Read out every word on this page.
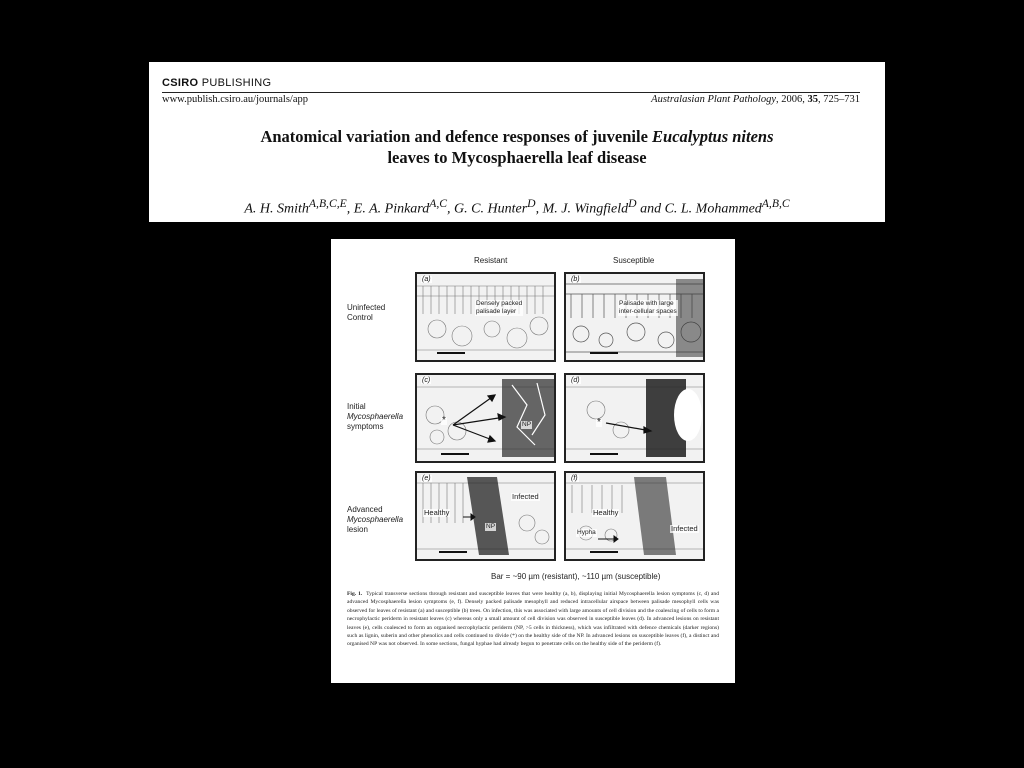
CSIRO PUBLISHING
www.publish.csiro.au/journals/app	Australasian Plant Pathology, 2006, 35, 725–731
Anatomical variation and defence responses of juvenile Eucalyptus nitens
leaves to Mycosphaerella leaf disease
A. H. Smith$^{A,B,C,E}$, E. A. Pinkard$^{A,C}$, G. C. Hunter$^D$, M. J. Wingfield$^D$ and C. L. Mohammed$^{A,B,C}$
Resistant	Susceptible
Uninfected
Control
Initial
Mycosphaerella
symptoms
Advanced
Mycosphaerella
lesion
(a)
Densely packed
palisade layer
(b)
Palisade with large
inter-cellular spaces
(c)
*	NP
(d)
*
(e)
Healthy
Infected
NP
(f)
Healthy
Hypha	Infected
Bar = ~90 µm (resistant), ~110 µm (susceptible)
Fig. 1. Typical transverse sections through resistant and susceptible leaves that were healthy (a, b), displaying initial Mycosphaerella lesion symptoms (c, d) and advanced Mycosphaerella lesion symptoms (e, f). Densely packed palisade mesophyll and reduced intracellular airspace between palisade mesophyll cells was observed for leaves of resistant (a) and susceptible (b) trees. On infection, this was associated with large amounts of cell division and the coalescing of cells to form a necrophylactic periderm in resistant leaves (c) whereas only a small amount of cell division was observed in susceptible leaves (d). In advanced lesions on resistant leaves (e), cells coalesced to form an organised necrophylactic periderm (NP, >5 cells in thickness), which was infiltrated with defence chemicals (darker regions) such as lignin, suberin and other phenolics and cells continued to divide (*) on the healthy side of the NP. In advanced lesions on susceptible leaves (f), a distinct and organised NP was not observed. In some sections, fungal hyphae had already begun to penetrate cells on the healthy side of the periderm (f).
